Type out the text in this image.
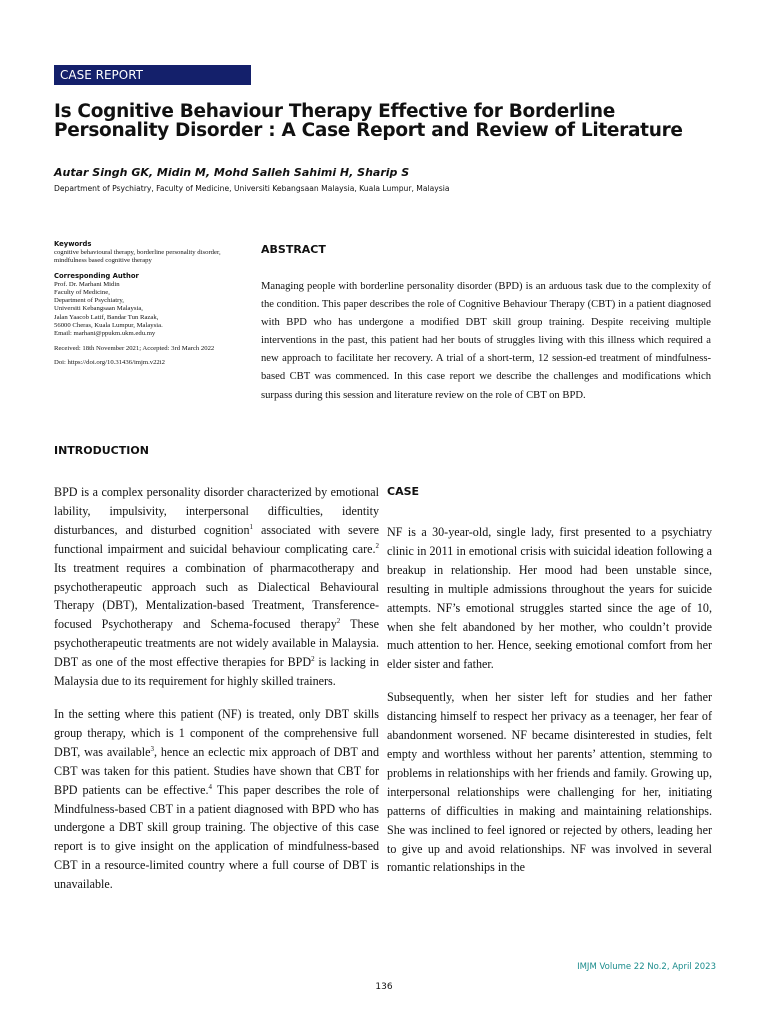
CASE REPORT
Is Cognitive Behaviour Therapy Effective for Borderline Personality Disorder : A Case Report and Review of Literature
Autar Singh GK, Midin M, Mohd Salleh Sahimi H, Sharip S
Department of Psychiatry, Faculty of Medicine, Universiti Kebangsaan Malaysia, Kuala Lumpur, Malaysia
Keywords
cognitive behavioural therapy, borderline personality disorder, mindfulness based cognitive therapy
Corresponding Author
Prof. Dr. Marhani Midin
Faculty of Medicine,
Department of Psychiatry,
Universiti Kebangsaan Malaysia,
Jalan Yaacob Latif, Bandar Tun Razak,
56000 Cheras, Kuala Lumpur, Malaysia.
Email: marhani@ppukm.ukm.edu.my
Received: 18th November 2021; Accepted: 3rd March 2022
Doi: https://doi.org/10.31436/imjm.v22i2
ABSTRACT
Managing people with borderline personality disorder (BPD) is an arduous task due to the complexity of the condition. This paper describes the role of Cognitive Behaviour Therapy (CBT) in a patient diagnosed with BPD who has undergone a modified DBT skill group training. Despite receiving multiple interventions in the past, this patient had her bouts of struggles living with this illness which required a new approach to facilitate her recovery. A trial of a short-term, 12 session-ed treatment of mindfulness-based CBT was commenced. In this case report we describe the challenges and modifications which surpass during this session and literature review on the role of CBT on BPD.
INTRODUCTION

BPD is a complex personality disorder characterized by emotional lability, impulsivity, interpersonal difficulties, identity disturbances, and disturbed cognition$^1$ associated with severe functional impairment and suicidal behaviour complicating care.$^2$ Its treatment requires a combination of pharmacotherapy and psychotherapeutic approach such as Dialectical Behavioural Therapy (DBT), Mentalization-based Treatment, Transference-focused Psychotherapy and Schema-focused therapy$^2$ These psychotherapeutic treatments are not widely available in Malaysia. DBT as one of the most effective therapies for BPD$^2$ is lacking in Malaysia due to its requirement for highly skilled trainers.

In the setting where this patient (NF) is treated, only DBT skills group therapy, which is 1 component of the comprehensive full DBT, was available$^3$, hence an eclectic mix approach of DBT and CBT was taken for this patient. Studies have shown that CBT for BPD patients can be effective.$^4$ This paper describes the role of Mindfulness-based CBT in a patient diagnosed with BPD who has undergone a DBT skill group training. The objective of this case report is to give insight on the application of mindfulness-based CBT in a resource-limited country where a full course of DBT is unavailable.

CASE

NF is a 30-year-old, single lady, first presented to a psychiatry clinic in 2011 in emotional crisis with suicidal ideation following a breakup in relationship. Her mood had been unstable since, resulting in multiple admissions throughout the years for suicide attempts. NF’s emotional struggles started since the age of 10, when she felt abandoned by her mother, who couldn’t provide much attention to her. Hence, seeking emotional comfort from her elder sister and father.

Subsequently, when her sister left for studies and her father distancing himself to respect her privacy as a teenager, her fear of abandonment worsened. NF became disinterested in studies, felt empty and worthless without her parents’ attention, stemming to problems in relationships with her friends and family. Growing up, interpersonal relationships were challenging for her, initiating patterns of difficulties in making and maintaining relationships. She was inclined to feel ignored or rejected by others, leading her to give up and avoid relationships. NF was involved in several romantic relationships in the

IMJM Volume 22 No.2, April 2023
136
